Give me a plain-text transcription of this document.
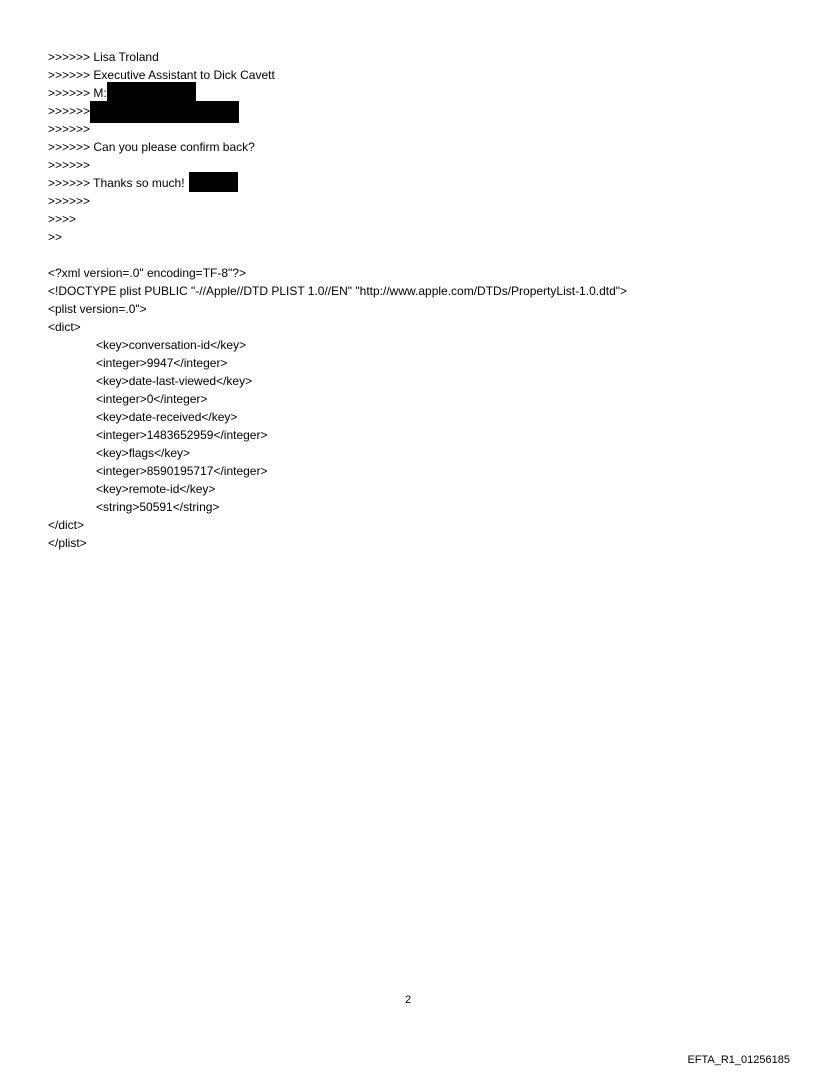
>>>>>> Lisa Troland
>>>>>> Executive Assistant to Dick Cavett
>>>>>> M:
>>>>>>
>>>>>>
>>>>>> Can you please confirm back?
>>>>>>
>>>>>> Thanks so much!
>>>>>>
>>>>
>>
<?xml version=.0" encoding=TF-8"?>
<!DOCTYPE plist PUBLIC "-//Apple//DTD PLIST 1.0//EN" "http://www.apple.com/DTDs/PropertyList-1.0.dtd">
<plist version=.0">
<dict>
<key>conversation-id</key>
<integer>9947</integer>
<key>date-last-viewed</key>
<integer>0</integer>
<key>date-received</key>
<integer>1483652959</integer>
<key>flags</key>
<integer>8590195717</integer>
<key>remote-id</key>
<string>50591</string>
</dict>
</plist>
2
EFTA_R1_01256185
